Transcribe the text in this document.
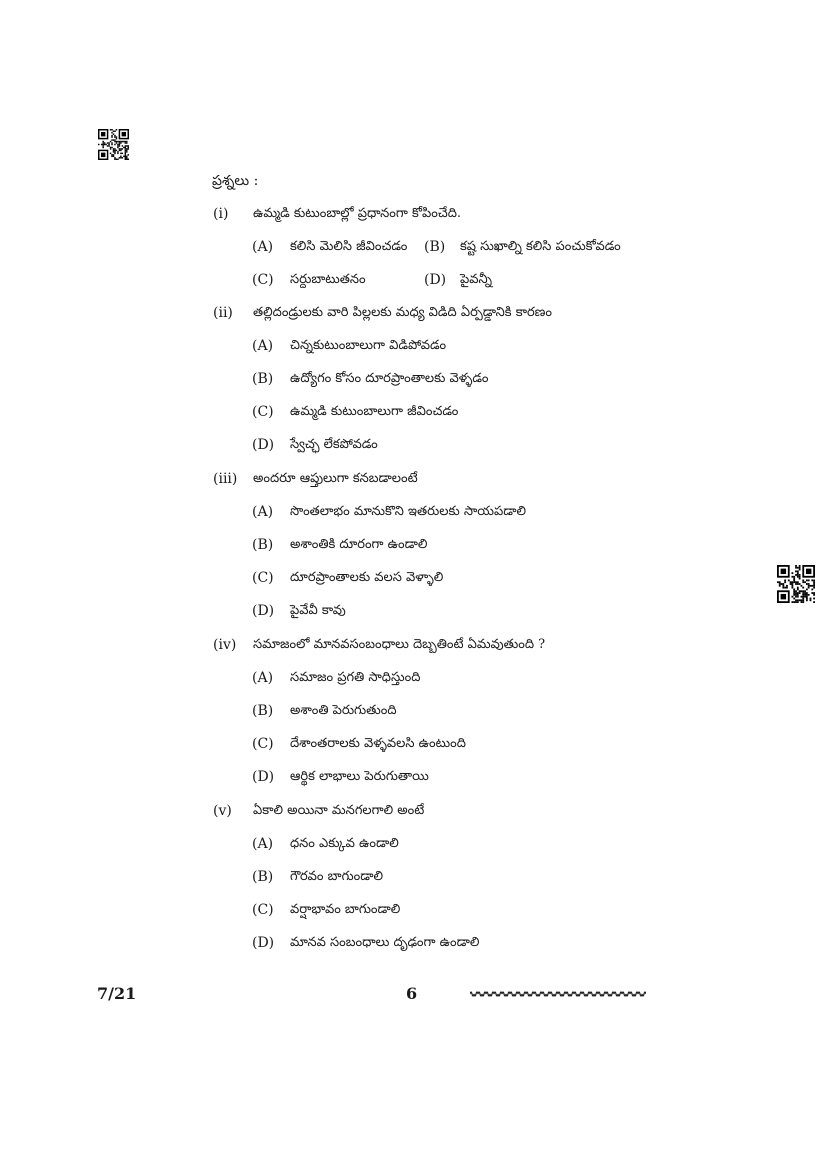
ప్రశ్నలు :
(i) ఉమ్మడి కుటుంబాల్లో ప్రధానంగా కోపించేది.
(A) కలిసి మెలిసి జీవించడం (B) కష్ట సుఖాల్ని కలిసి పంచుకోవడం
(C) సర్దుబాటుతనం	(D) పైవన్నీ
(ii) తల్లిదండ్రులకు వారి పిల్లలకు మధ్య విడిది ఏర్పడ్డానికి కారణం
(A) చిన్నకుటుంబాలుగా విడిపోవడం
(B) ఉద్యోగం కోసం దూరప్రాంతాలకు వెళ్ళడం
(C) ఉమ్మడి కుటుంబాలుగా జీవించడం
(D) స్వేచ్ఛ లేకపోవడం
(iii) అందరూ ఆప్తులుగా కనబడాలంటే
(A) సొంతలాభం మానుకొని ఇతరులకు సాయపడాలి
(B) అశాంతికి దూరంగా ఉండాలి
(C) దూరప్రాంతాలకు వలస వెళ్ళాలి
(D) పైవేవీ కావు
(iv) సమాజంలో మానవసంబంధాలు దెబ్బతింటే ఏమవుతుంది ?
(A) సమాజం ప్రగతి సాధిస్తుంది
(B) అశాంతి పెరుగుతుంది
(C) దేశాంతరాలకు వెళ్ళవలసి ఉంటుంది
(D) ఆర్థిక లాభాలు పెరుగుతాయి
(v) ఏకాలి అయినా మనగలగాలి అంటే
(A) ధనం ఎక్కువ ఉండాలి
(B) గౌరవం బాగుండాలి
(C) వర్షాభావం బాగుండాలి
(D) మానవ సంబంధాలు దృఢంగా ఉండాలి
7/21	6
